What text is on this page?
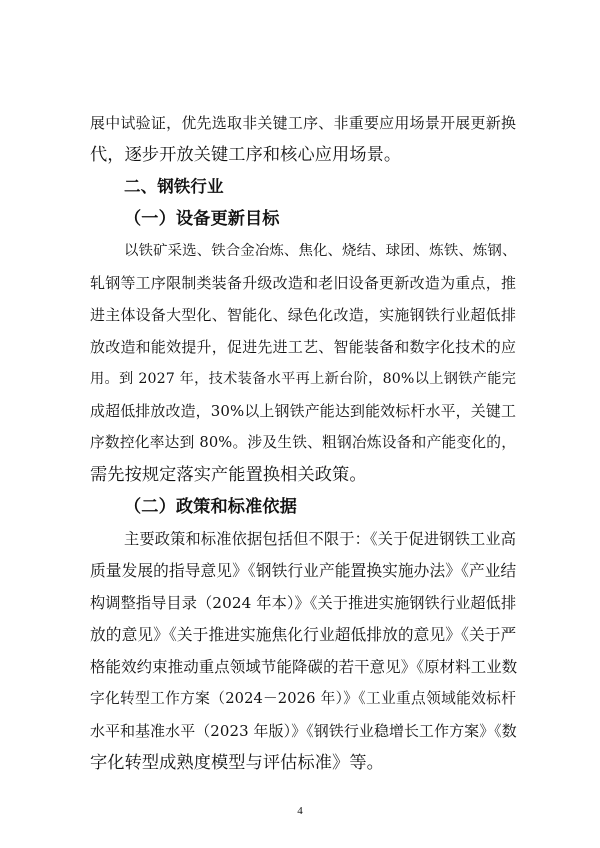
展中试验证，优先选取非关键工序、非重要应用场景开展更新换
代，逐步开放关键工序和核心应用场景。
二、钢铁行业
（一）设备更新目标
以铁矿采选、铁合金冶炼、焦化、烧结、球团、炼铁、炼钢、
轧钢等工序限制类装备升级改造和老旧设备更新改造为重点，推
进主体设备大型化、智能化、绿色化改造，实施钢铁行业超低排
放改造和能效提升，促进先进工艺、智能装备和数字化技术的应
用。到 2027 年，技术装备水平再上新台阶，80%以上钢铁产能完
成超低排放改造，30%以上钢铁产能达到能效标杆水平，关键工
序数控化率达到 80%。涉及生铁、粗钢冶炼设备和产能变化的，
需先按规定落实产能置换相关政策。
（二）政策和标准依据
主要政策和标准依据包括但不限于：《关于促进钢铁工业高
质量发展的指导意见》《钢铁行业产能置换实施办法》《产业结
构调整指导目录（2024 年本）》《关于推进实施钢铁行业超低排
放的意见》《关于推进实施焦化行业超低排放的意见》《关于严
格能效约束推动重点领域节能降碳的若干意见》《原材料工业数
字化转型工作方案（2024－2026 年）》《工业重点领域能效标杆
水平和基准水平（2023 年版）》《钢铁行业稳增长工作方案》《数
字化转型成熟度模型与评估标准》等。
4
